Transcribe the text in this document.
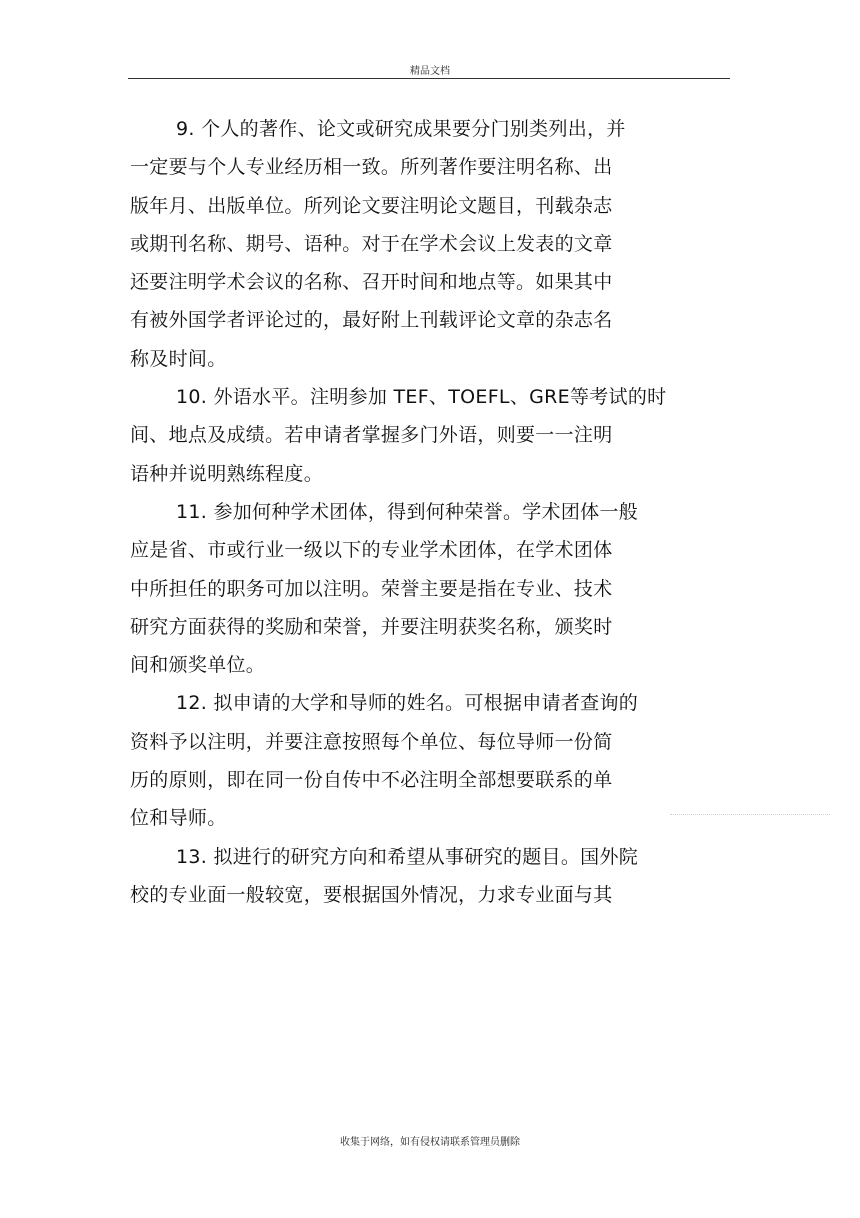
精品文档
9. 个人的著作、论文或研究成果要分门别类列出，并
一定要与个人专业经历相一致。所列著作要注明名称、出
版年月、出版单位。所列论文要注明论文题目，刊载杂志
或期刊名称、期号、语种。对于在学术会议上发表的文章
还要注明学术会议的名称、召开时间和地点等。如果其中
有被外国学者评论过的，最好附上刊载评论文章的杂志名
称及时间。
10. 外语水平。注明参加 TEF、TOEFL、GRE等考试的时
间、地点及成绩。若申请者掌握多门外语，则要一一注明
语种并说明熟练程度。
11. 参加何种学术团体，得到何种荣誉。学术团体一般
应是省、市或行业一级以下的专业学术团体，在学术团体
中所担任的职务可加以注明。荣誉主要是指在专业、技术
研究方面获得的奖励和荣誉，并要注明获奖名称，颁奖时
间和颁奖单位。
12. 拟申请的大学和导师的姓名。可根据申请者查询的
资料予以注明，并要注意按照每个单位、每位导师一份简
历的原则，即在同一份自传中不必注明全部想要联系的单
位和导师。
13. 拟进行的研究方向和希望从事研究的题目。国外院
校的专业面一般较宽，要根据国外情况，力求专业面与其
收集于网络，如有侵权请联系管理员删除
